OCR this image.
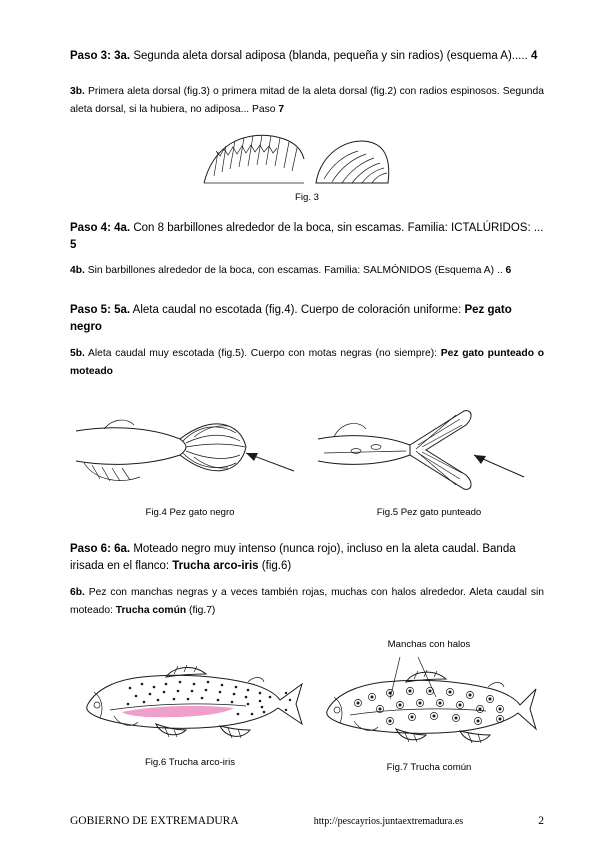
Paso 3: 3a. Segunda aleta dorsal adiposa (blanda, pequeña y sin radios) (esquema A)..... 4
3b. Primera aleta dorsal (fig.3) o primera mitad de la aleta dorsal (fig.2) con radios espinosos. Segunda aleta dorsal, si la hubiera, no adiposa... Paso 7
Fig. 3
Paso 4: 4a. Con 8 barbillones alrededor de la boca, sin escamas. Familia: ICTALÚRIDOS: ... 5
4b. Sin barbillones alrededor de la boca, con escamas. Familia: SALMÓNIDOS (Esquema A) .. 6
Paso 5: 5a. Aleta caudal no escotada (fig.4). Cuerpo de coloración uniforme: Pez gato negro
5b. Aleta caudal muy escotada (fig.5). Cuerpo con motas negras (no siempre): Pez gato punteado o moteado
Fig.4 Pez gato negro	Fig.5 Pez gato punteado
Paso 6: 6a. Moteado negro muy intenso (nunca rojo), incluso en la aleta caudal. Banda irisada en el flanco: Trucha arco-iris (fig.6)
6b. Pez con manchas negras y a veces también rojas, muchas con halos alrededor. Aleta caudal sin moteado: Trucha común (fig.7)
Fig.6 Trucha arco-iris
Manchas con halos
Fig.7 Trucha común
GOBIERNO DE EXTREMADURA	http://pescayrios.juntaextremadura.es	2
